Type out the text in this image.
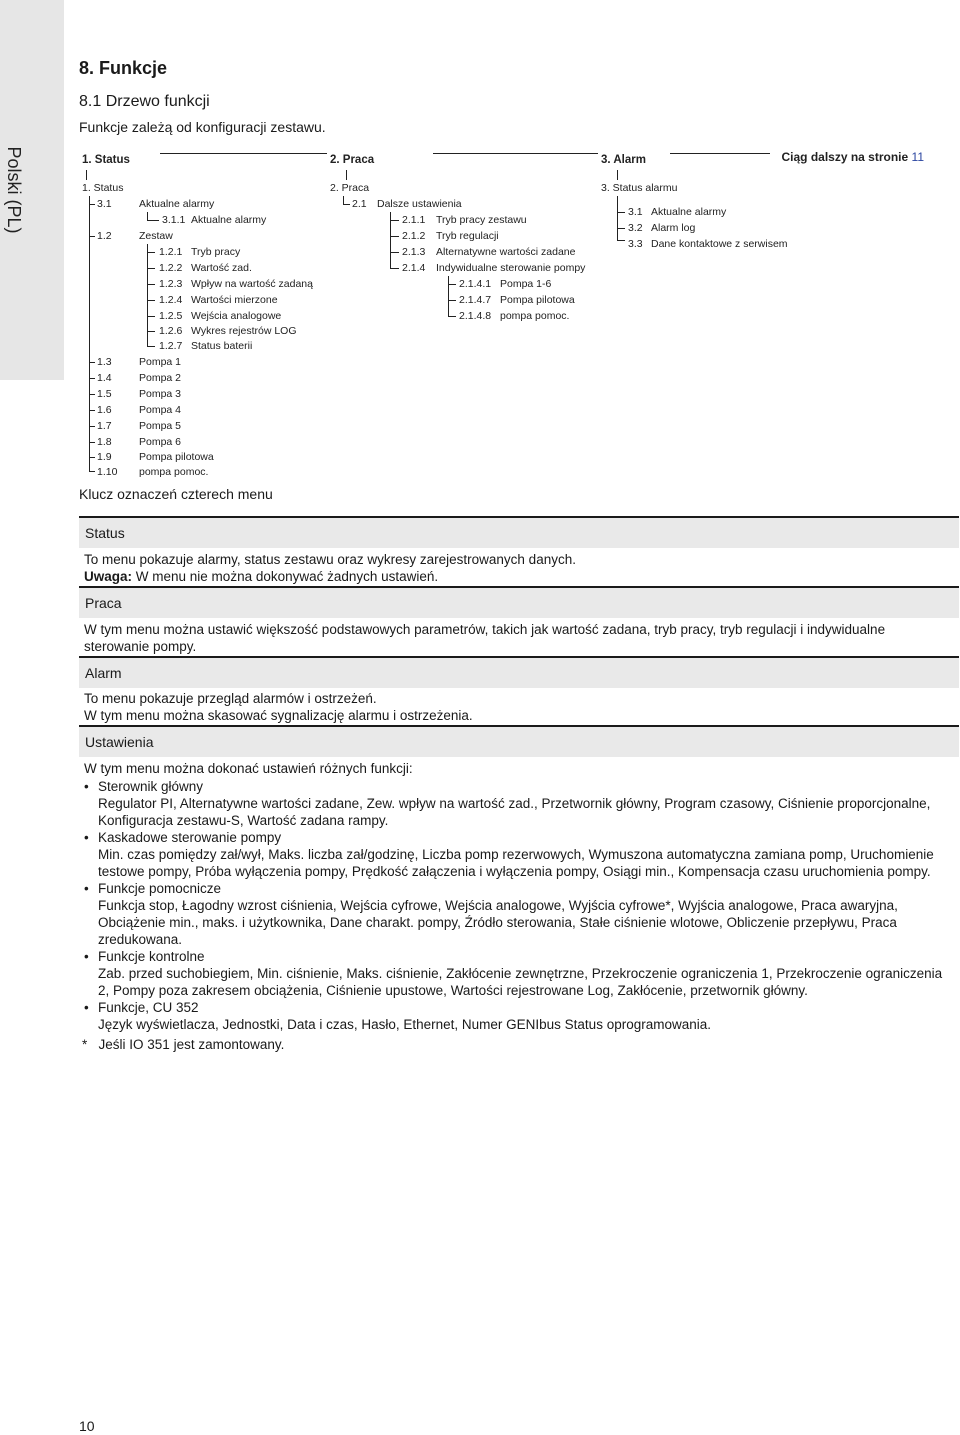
Polski (PL)
8. Funkcje
8.1 Drzewo funkcji
Funkcje zależą od konfiguracji zestawu.
1. Status	2. Praca	3. Alarm	Ciąg dalszy na stronie 11
1. Status
3.1	Aktualne alarmy
3.1.1 Aktualne alarmy
1.2	Zestaw
1.2.1 Tryb pracy
1.2.2 Wartość zad.
1.2.3 Wpływ na wartość zadaną
1.2.4 Wartości mierzone
1.2.5 Wejścia analogowe
1.2.6 Wykres rejestrów LOG
1.2.7 Status baterii
1.3	Pompa 1
1.4	Pompa 2
1.5	Pompa 3
1.6	Pompa 4
1.7	Pompa 5
1.8	Pompa 6
1.9	Pompa pilotowa
1.10 pompa pomoc.
2. Praca
2.1 Dalsze ustawienia
2.1.1 Tryb pracy zestawu
2.1.2 Tryb regulacji
2.1.3 Alternatywne wartości zadane
2.1.4 Indywidualne sterowanie pompy
2.1.4.1 Pompa 1-6
2.1.4.7 Pompa pilotowa
2.1.4.8 pompa pomoc.
3. Status alarmu
3.1 Aktualne alarmy
3.2 Alarm log
3.3 Dane kontaktowe z serwisem
Klucz oznaczeń czterech menu
Status

To menu pokazuje alarmy, status zestawu oraz wykresy zarejestrowanych danych.

Uwaga: W menu nie można dokonywać żadnych ustawień.

Praca

W tym menu można ustawić większość podstawowych parametrów, takich jak wartość zadana, tryb pracy, tryb regulacji i indywidualne sterowanie pompy.

Alarm

To menu pokazuje przegląd alarmów i ostrzeżeń.

W tym menu można skasować sygnalizację alarmu i ostrzeżenia.

Ustawienia

W tym menu można dokonać ustawień różnych funkcji:

• Sterownik główny
Regulator PI, Alternatywne wartości zadane, Zew. wpływ na wartość zad., Przetwornik główny, Program czasowy, Ciśnienie proporcjonalne, Konfiguracja zestawu-S, Wartość zadana rampy.
• Kaskadowe sterowanie pompy
Min. czas pomiędzy zał/wył, Maks. liczba zał/godzinę, Liczba pomp rezerwowych, Wymuszona automatyczna zamiana pomp, Uruchomienie testowe pompy, Próba wyłączenia pompy, Prędkość załączenia i wyłączenia pompy, Osiągi min., Kompensacja czasu uruchomienia pompy.
• Funkcje pomocnicze
Funkcja stop, Łagodny wzrost ciśnienia, Wejścia cyfrowe, Wejścia analogowe, Wyjścia cyfrowe*, Wyjścia analogowe, Praca awaryjna, Obciążenie min., maks. i użytkownika, Dane charakt. pompy, Źródło sterowania, Stałe ciśnienie wlotowe, Obliczenie przepływu, Praca zredukowana.
• Funkcje kontrolne
Zab. przed suchobiegiem, Min. ciśnienie, Maks. ciśnienie, Zakłócenie zewnętrzne, Przekroczenie ograniczenia 1, Przekroczenie ograniczenia 2, Pompy poza zakresem obciążenia, Ciśnienie upustowe, Wartości rejestrowane Log, Zakłócenie, przetwornik główny.
• Funkcje, CU 352
Język wyświetlacza, Jednostki, Data i czas, Hasło, Ethernet, Numer GENIbus Status oprogramowania.

* Jeśli IO 351 jest zamontowany.

10
